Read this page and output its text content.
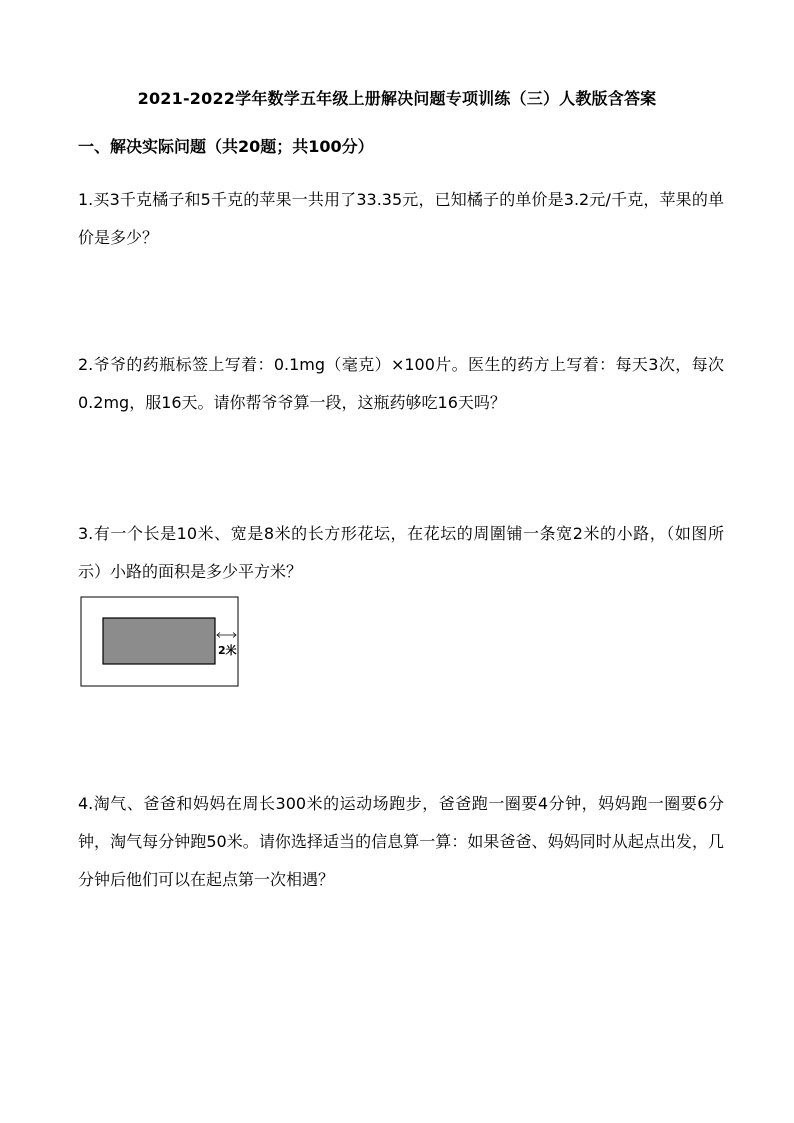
2021-2022学年数学五年级上册解决问题专项训练（三）人教版含答案
一、解决实际问题（共20题；共100分）
1.买3千克橘子和5千克的苹果一共用了33.35元，已知橘子的单价是3.2元/千克，苹果的单价是多少？
2.爷爷的药瓶标签上写着：0.1mg（毫克）×100片。医生的药方上写着：每天3次，每次0.2mg，服16天。请你帮爷爷算一段，这瓶药够吃16天吗？
3.有一个长是10米、宽是8米的长方形花坛，在花坛的周圍铺一条宽2米的小路，（如图所示）小路的面积是多少平方米？
2米
4.淘气、爸爸和妈妈在周长300米的运动场跑步，爸爸跑一圈要4分钟，妈妈跑一圈要6分钟，淘气每分钟跑50米。请你选择适当的信息算一算：如果爸爸、妈妈同时从起点出发，几分钟后他们可以在起点第一次相遇？
